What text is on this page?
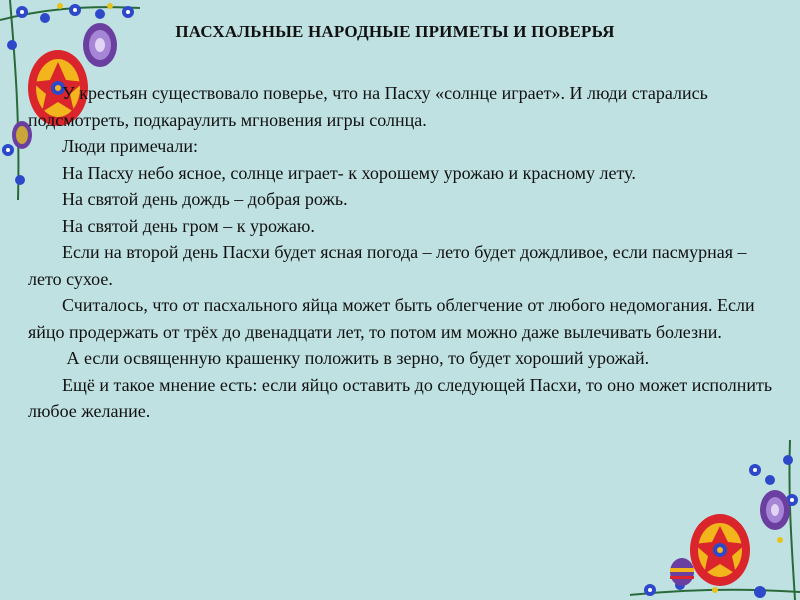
ПАСХАЛЬНЫЕ НАРОДНЫЕ ПРИМЕТЫ И ПОВЕРЬЯ

У крестьян существовало поверье, что на Пасху «солнце играет». И люди старались подсмотреть, подкараулить мгновения игры солнца.

Люди примечали:

На Пасху небо ясное, солнце играет- к хорошему урожаю и красному лету.

На святой день дождь – добрая рожь.

На святой день гром – к урожаю.

Если на второй день Пасхи будет ясная погода – лето будет дождливое, если пасмурная – лето сухое.

Считалось, что от пасхального яйца может быть облегчение от любого недомогания. Если яйцо продержать от трёх до двенадцати лет, то потом им можно даже вылечивать болезни.

А если освященную крашенку положить в зерно, то будет хороший урожай.

Ещё и такое мнение есть: если яйцо оставить до следующей Пасхи, то оно может исполнить любое желание.
